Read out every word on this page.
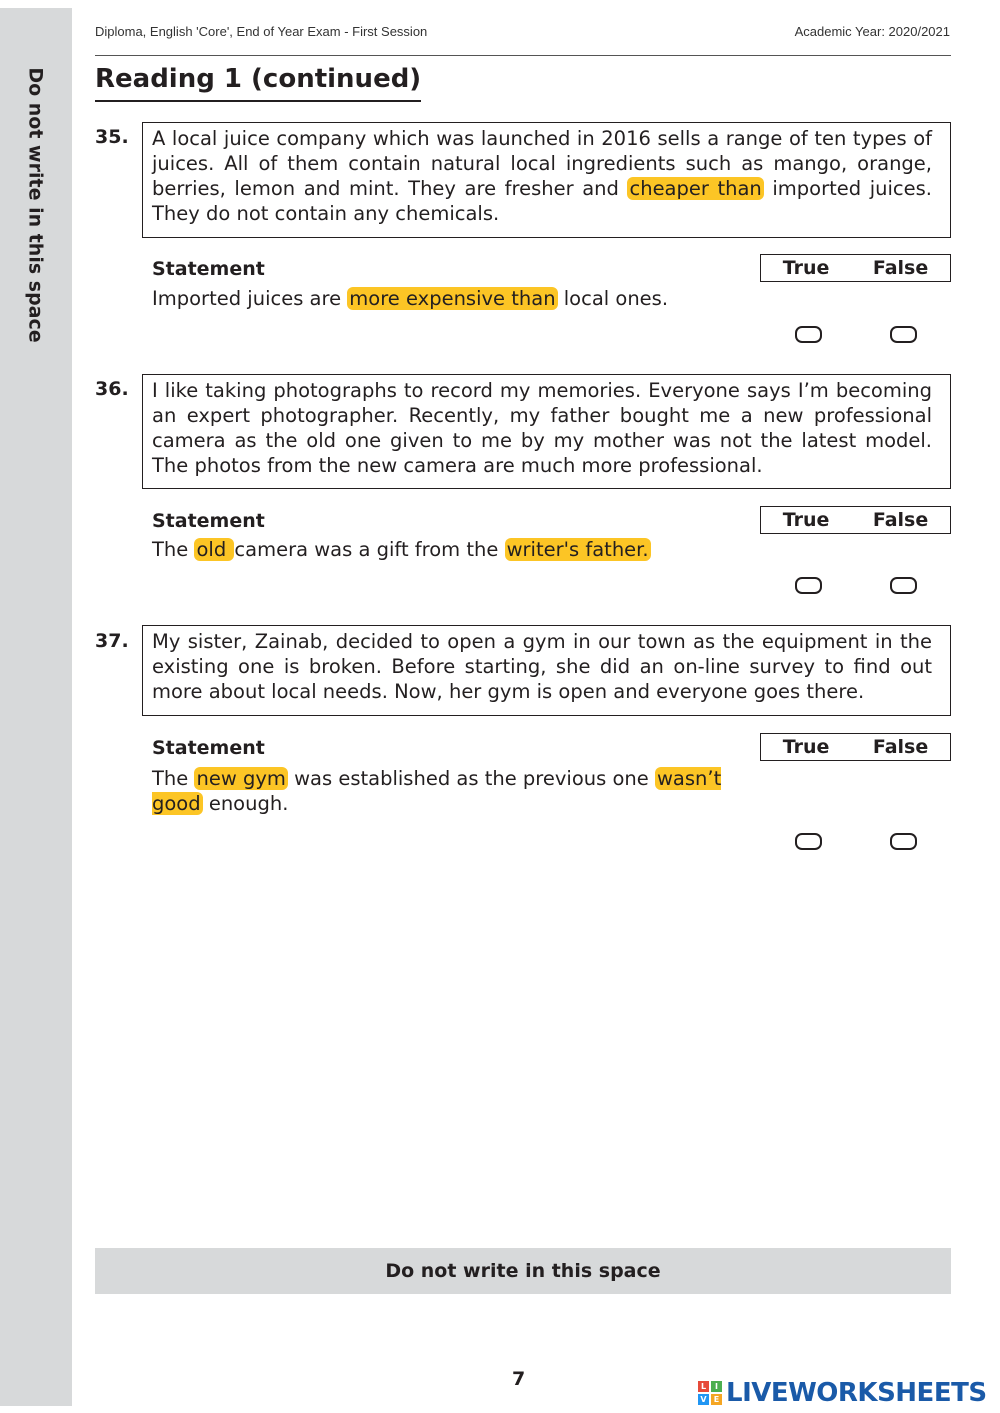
Do not write in this space
Diploma, English 'Core', End of Year Exam - First Session	Academic Year: 2020/2021
Reading 1 (continued)
35.	A local juice company which was launched in 2016 sells a range of ten types of juices. All of them contain natural local ingredients such as mango, orange, berries, lemon and mint. They are fresher and cheaper than imported juices. They do not contain any chemicals.
Statement	True False
Imported juices are more expensive than local ones.
36.	I like taking photographs to record my memories. Everyone says I’m becoming an expert photographer. Recently, my father bought me a new professional camera as the old one given to me by my mother was not the latest model. The photos from the new camera are much more professional.
Statement	True False
The old camera was a gift from the writer's father.
37.	My sister, Zainab, decided to open a gym in our town as the equipment in the existing one is broken. Before starting, she did an on-line survey to find out more about local needs. Now, her gym is open and everyone goes there.
Statement	True False
The new gym was established as the previous one wasn’t good enough.
Do not write in this space
7	L	I
V E LIVEWORKSHEETS
